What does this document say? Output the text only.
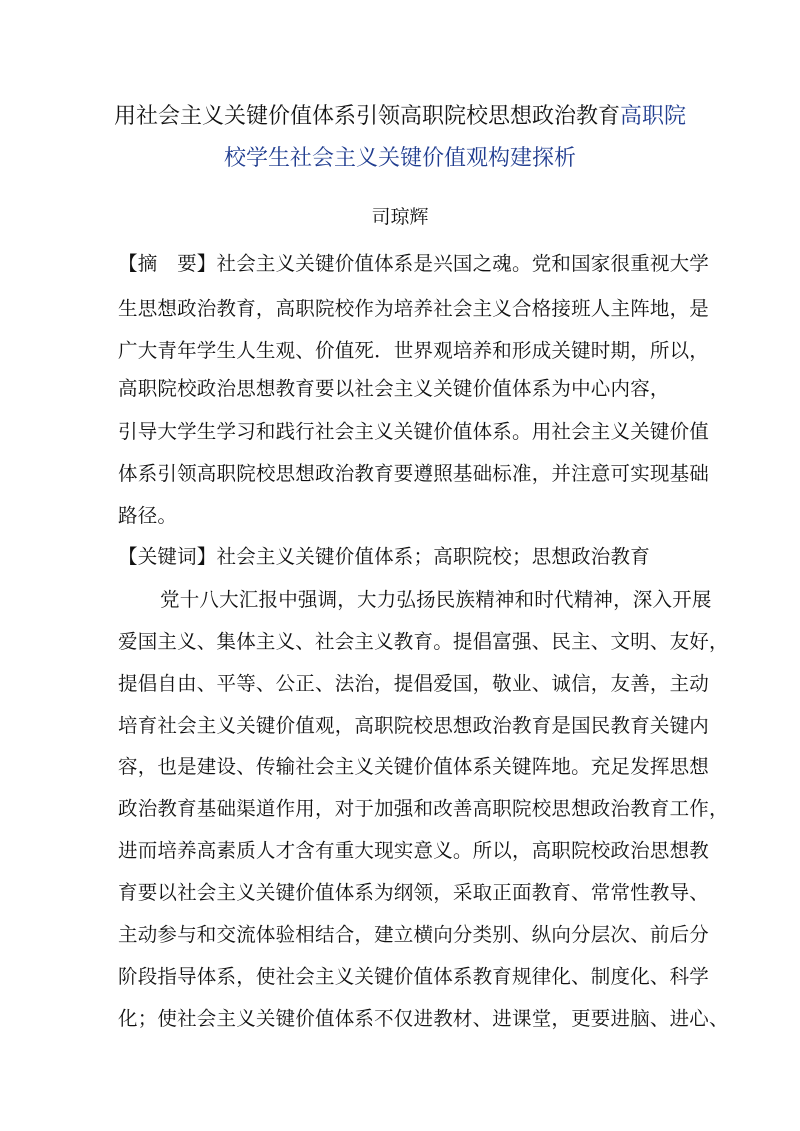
用社会主义关键价值体系引领高职院校思想政治教育高职院
校学生社会主义关键价值观构建探析
司琼辉
【摘　要】社会主义关键价值体系是兴国之魂。党和国家很重视大学
生思想政治教育，高职院校作为培养社会主义合格接班人主阵地，是
广大青年学生人生观、价值死．世界观培养和形成关键时期，所以，
高职院校政治思想教育要以社会主义关键价值体系为中心内容，
引导大学生学习和践行社会主义关键价值体系。用社会主义关键价值
体系引领高职院校思想政治教育要遵照基础标准，并注意可实现基础
路径。
【关键词】社会主义关键价值体系；高职院校；思想政治教育
党十八大汇报中强调，大力弘扬民族精神和时代精神，深入开展
爱国主义、集体主义、社会主义教育。提倡富强、民主、文明、友好，
提倡自由、平等、公正、法治，提倡爱国，敬业、诚信，友善，主动
培育社会主义关键价值观，高职院校思想政治教育是国民教育关键内
容，也是建设、传输社会主义关键价值体系关键阵地。充足发挥思想
政治教育基础渠道作用，对于加强和改善高职院校思想政治教育工作，
进而培养高素质人才含有重大现实意义。所以，高职院校政治思想教
育要以社会主义关键价值体系为纲领，采取正面教育、常常性教导、
主动参与和交流体验相结合，建立横向分类别、纵向分层次、前后分
阶段指导体系，使社会主义关键价值体系教育规律化、制度化、科学
化；使社会主义关键价值体系不仅进教材、进课堂，更要进脑、进心、
